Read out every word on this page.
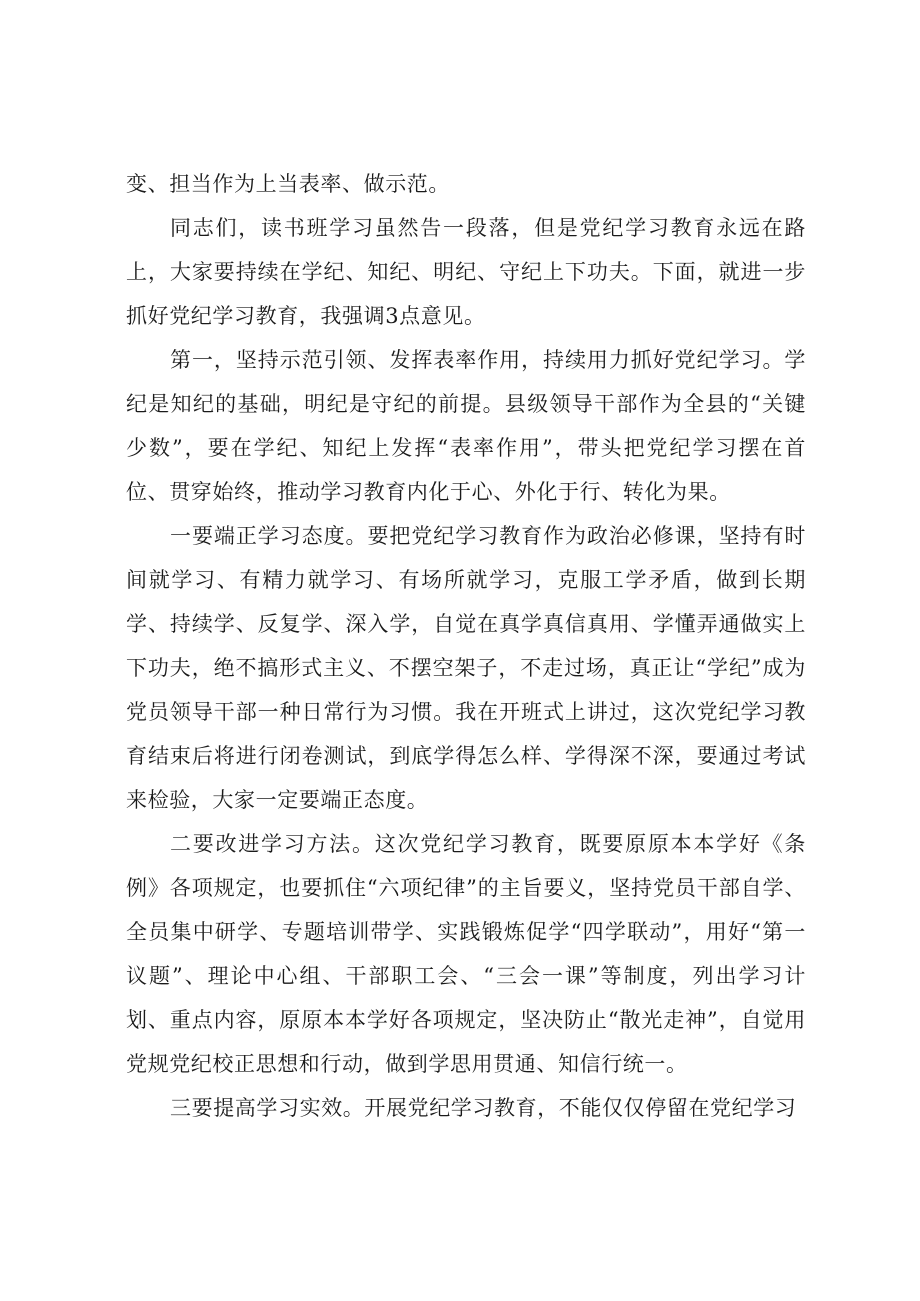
变、担当作为上当表率、做示范。

同志们，读书班学习虽然告一段落，但是党纪学习教育永远在路上，大家要持续在学纪、知纪、明纪、守纪上下功夫。下面，就进一步抓好党纪学习教育，我强调3点意见。

第一，坚持示范引领、发挥表率作用，持续用力抓好党纪学习。学纪是知纪的基础，明纪是守纪的前提。县级领导干部作为全县的“关键少数”，要在学纪、知纪上发挥“表率作用”，带头把党纪学习摆在首位、贯穿始终，推动学习教育内化于心、外化于行、转化为果。

一要端正学习态度。要把党纪学习教育作为政治必修课，坚持有时间就学习、有精力就学习、有场所就学习，克服工学矛盾，做到长期学、持续学、反复学、深入学，自觉在真学真信真用、学懂弄通做实上下功夫，绝不搞形式主义、不摆空架子，不走过场，真正让“学纪”成为党员领导干部一种日常行为习惯。我在开班式上讲过，这次党纪学习教育结束后将进行闭卷测试，到底学得怎么样、学得深不深，要通过考试来检验，大家一定要端正态度。

二要改进学习方法。这次党纪学习教育，既要原原本本学好《条例》各项规定，也要抓住“六项纪律”的主旨要义，坚持党员干部自学、全员集中研学、专题培训带学、实践锻炼促学“四学联动”，用好“第一议题”、理论中心组、干部职工会、“三会一课”等制度，列出学习计划、重点内容，原原本本学好各项规定，坚决防止“散光走神”，自觉用党规党纪校正思想和行动，做到学思用贯通、知信行统一。

三要提高学习实效。开展党纪学习教育，不能仅仅停留在党纪学习
